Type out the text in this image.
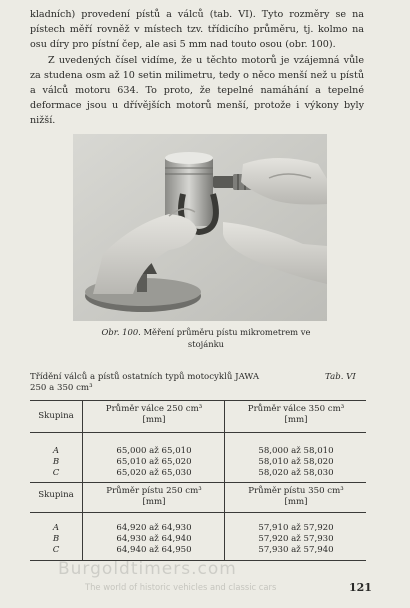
kladních) provedení pístů a válců (tab. VI). Tyto rozměry se na pístech měří rovněž v místech tzv. třídicího průměru, tj. kolmo na osu díry pro pístní čep, ale asi 5 mm nad touto osou (obr. 100).

Z uvedených čísel vidíme, že u těchto motorů je vzájemná vůle za studena osm až 10 setin milimetru, tedy o něco menší než u pístů a válců motoru 634. To proto, že tepelné namáhání a tepelné deformace jsou u dřívějších motorů menší, protože i výkony byly nižší.

Obr. 100. Měření průměru pístu mikrometrem ve stojánku
Třídění válců a pístů ostatních typů motocyklů JAWA 250 a 350 cm³
Tab. VI
Skupina
Průměr válce 250 cm³ [mm]
Průměr válce 350 cm³ [mm]
A
B
C
65,000 až 65,010
65,010 až 65,020
65,020 až 65,030
58,000 až 58,010
58,010 až 58,020
58,020 až 58,030
Skupina	Průměr pístu 250 cm³ [mm]
Průměr pístu 350 cm³ [mm]
A
B
C
64,920 až 64,930
64,930 až 64,940
64,940 až 64,950
57,910 až 57,920
57,920 až 57,930
57,930 až 57,940
Burgoldtimers.com
The world of historic vehicles and classic cars	121
